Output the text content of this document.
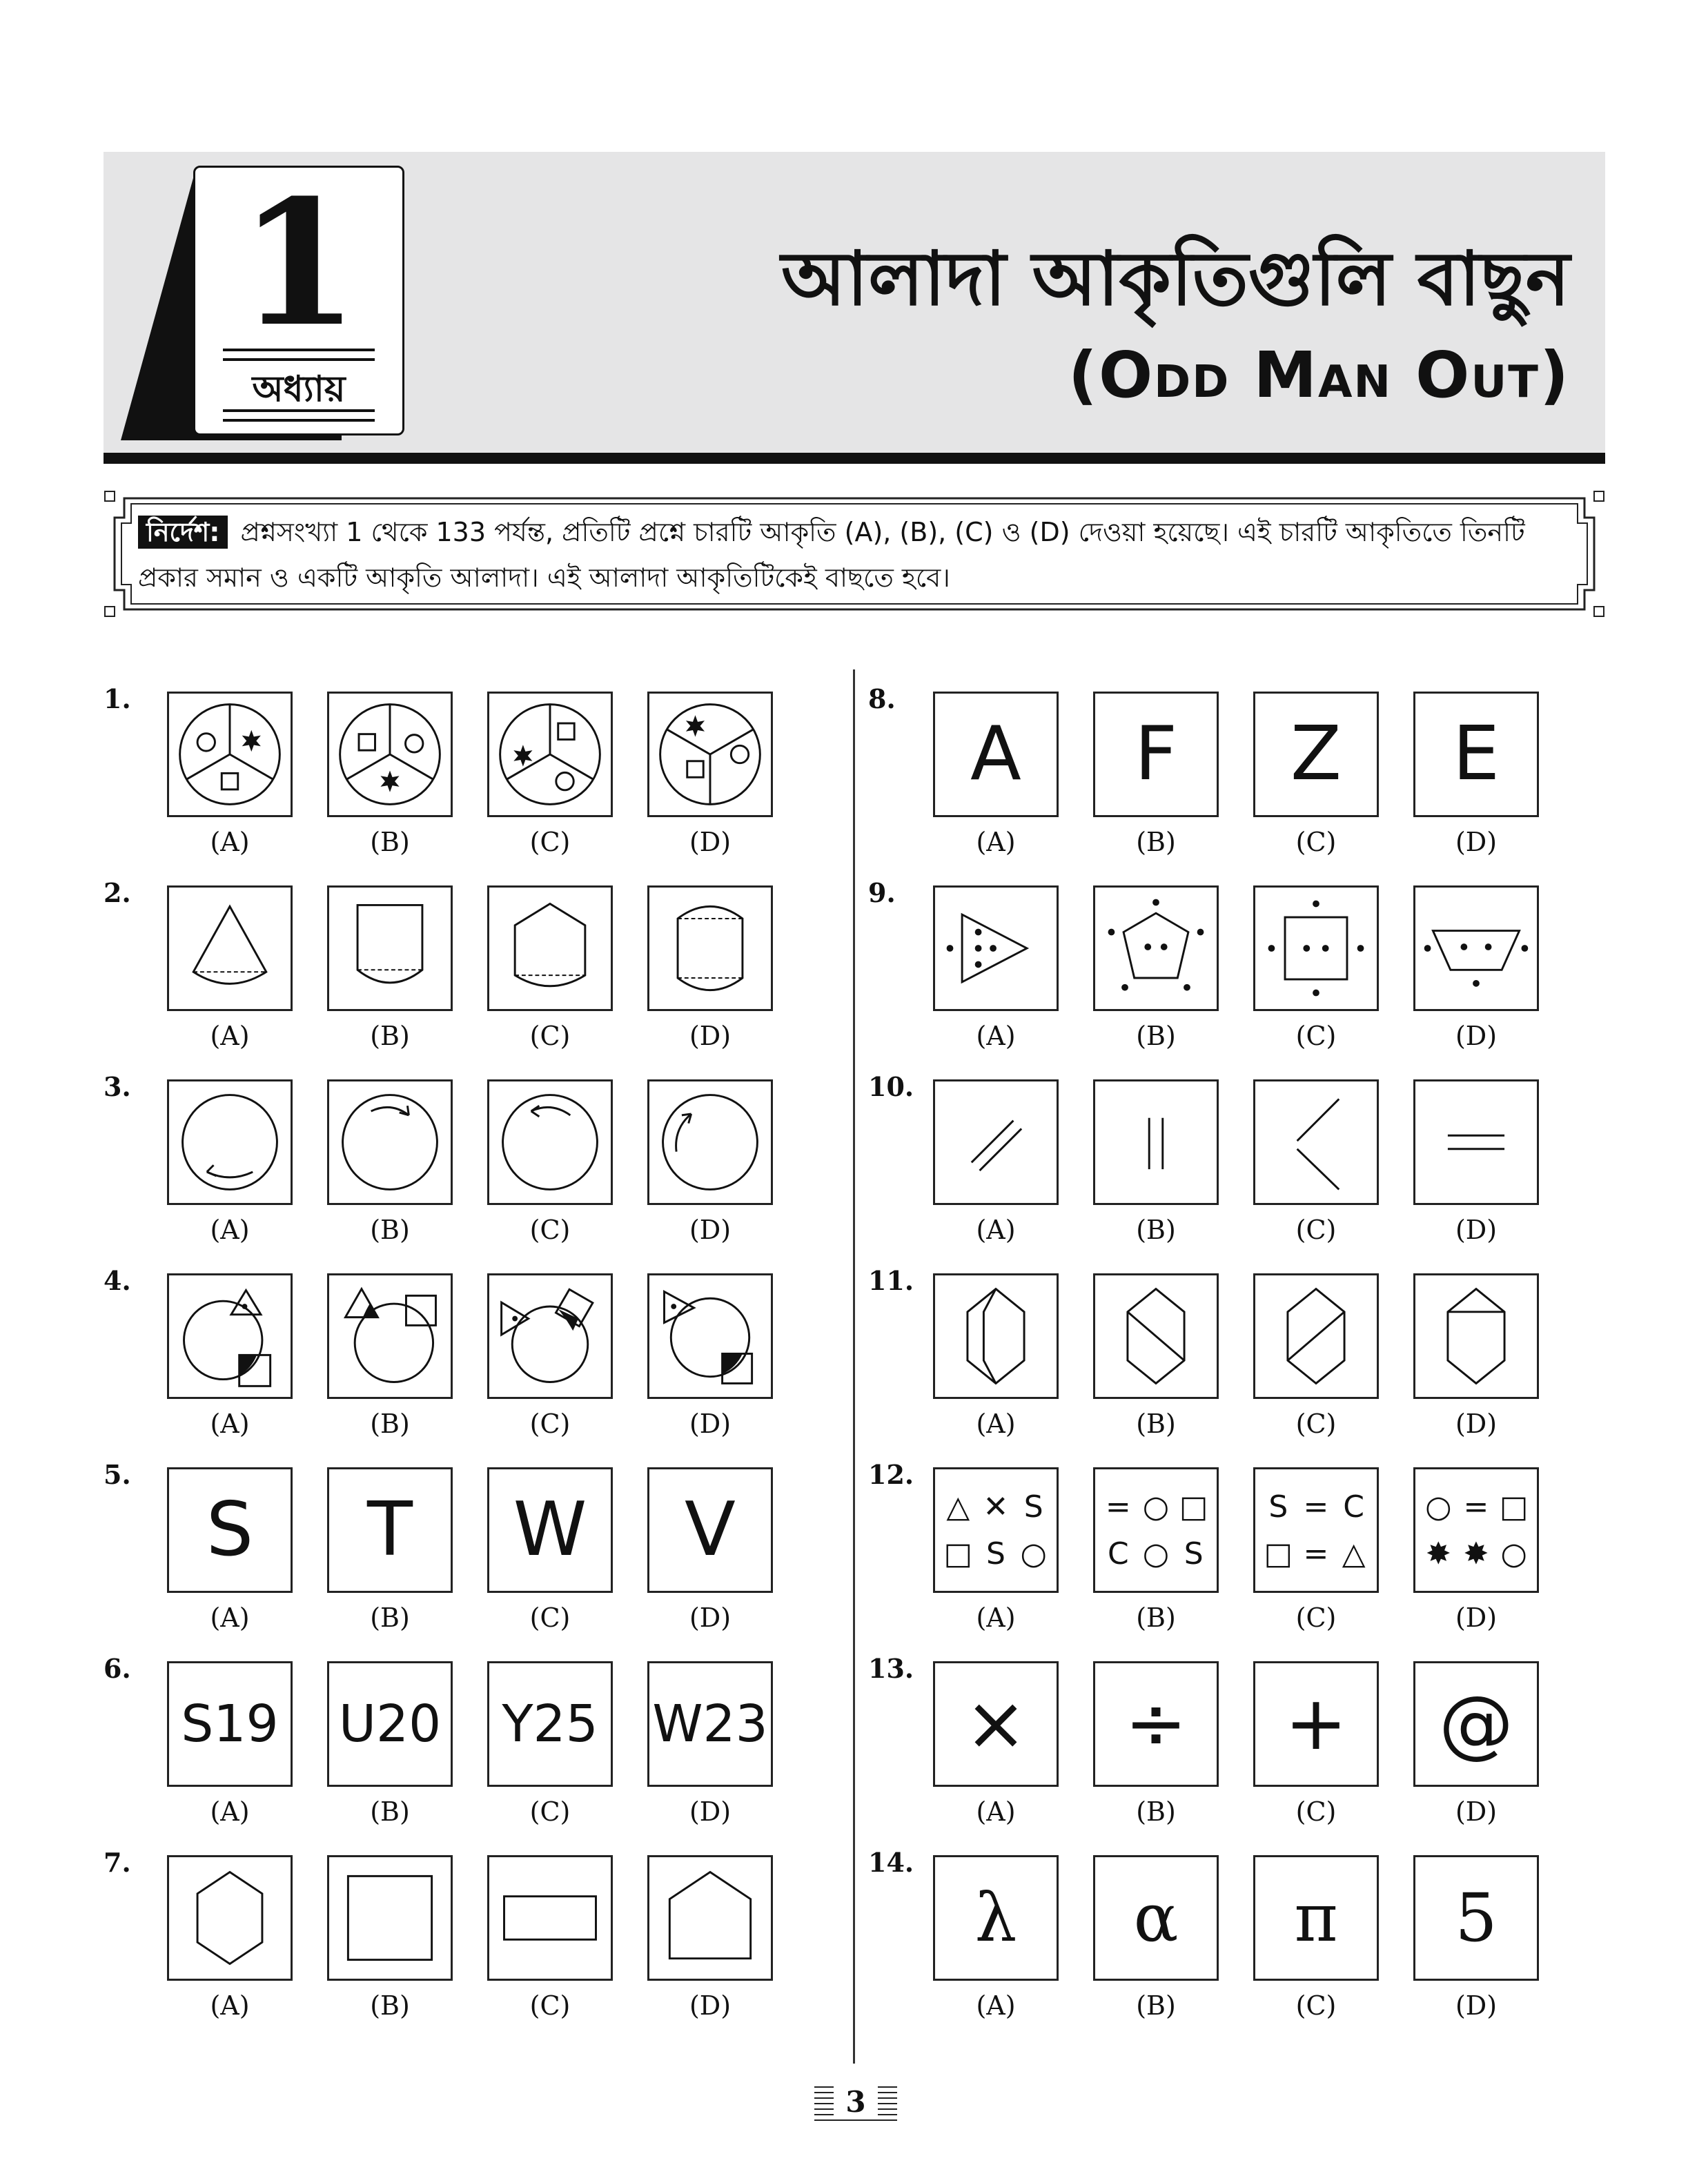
1
অধ্যায়
আলাদা আকৃতিগুলি বাছুন
(Odd Man Out)
নির্দেশ: প্রশ্নসংখ্যা 1 থেকে 133 পর্যন্ত, প্রতিটি প্রশ্নে চারটি আকৃতি (A), (B), (C) ও (D) দেওয়া হয়েছে। এই চারটি আকৃতিতে তিনটি প্রকার সমান ও একটি আকৃতি আলাদা। এই আলাদা আকৃতিটিকেই বাছতে হবে।
1.
(A)	(B)	(C)	(D)
2.
(A)	(B)	(C)	(D)
3.
(A)	(B)	(C)	(D)
4.
(A)	(B)	(C)	(D)
5.
S
(A)
T
(B)
W
(C)
V
(D)
6.
S19
(A)
U20
(B)
Y25
(C)
W23
(D)
7.
(A)	(B)	(C)	(D)
8.
A
(A)
F
(B)
Z
(C)
E
(D)
9.
(A)	(B)	(C)	(D)
10.
(A)	(B)	(C)	(D)
11.
(A)	(B)	(C)	(D)
12.
△ ✕ S
□ S ○
(A)
= ○ □
C ○ S
(B)
S = C
□ = △
(C)
○ = □
✸ ✸ ○
(D)
13.
×
(A)
÷
(B)
+
(C)
@
(D)
14.
λ
(A)
α
(B)
π
(C)
5
(D)
3
